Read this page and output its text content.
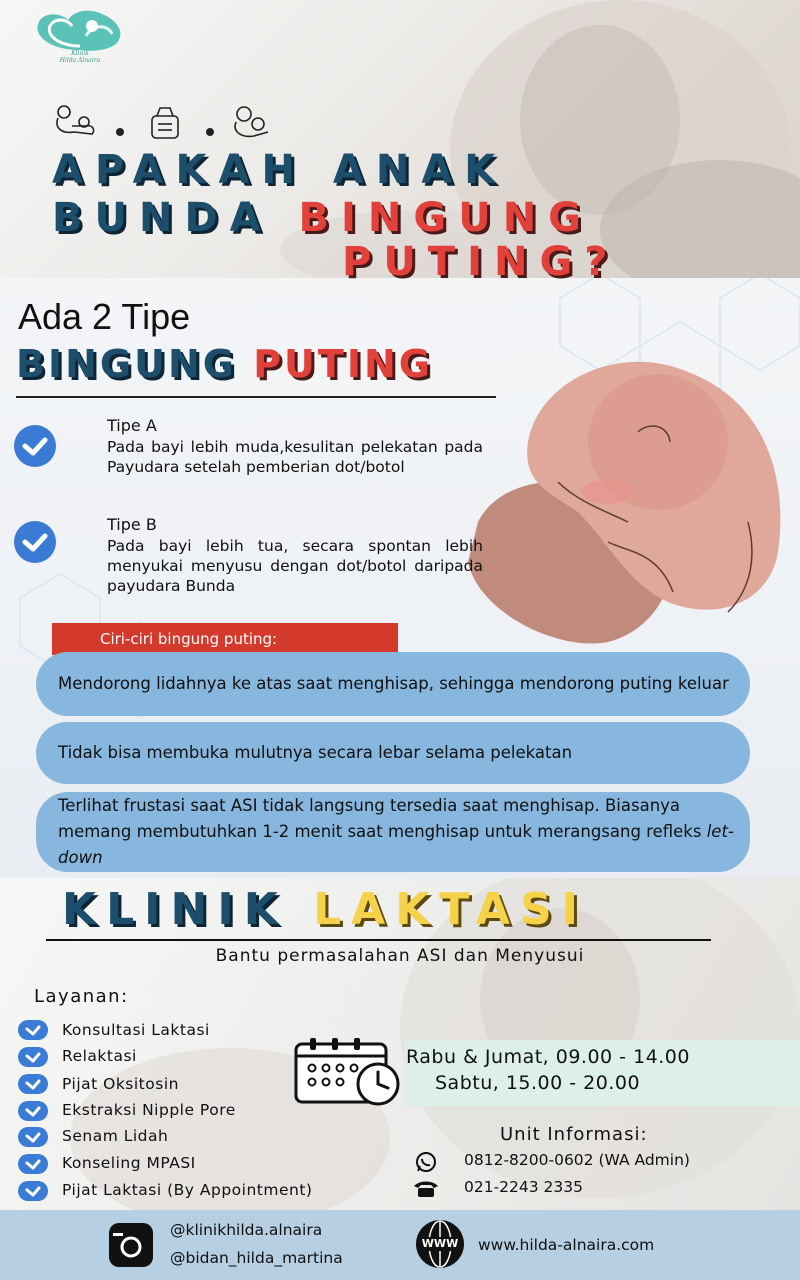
Klinik
Hilda Alnaira
APAKAH ANAK
BUNDA BINGUNG
PUTING?
Ada 2 Tipe
BINGUNG PUTING
Tipe A
Pada bayi lebih muda,kesulitan pelekatan pada Payudara setelah pemberian dot/botol
Tipe B
Pada bayi lebih tua, secara spontan lebih menyukai menyusu dengan dot/botol daripada payudara Bunda
Ciri-ciri bingung puting:
Mendorong lidahnya ke atas saat menghisap, sehingga mendorong puting keluar
Tidak bisa membuka mulutnya secara lebar selama pelekatan
Terlihat frustasi saat ASI tidak langsung tersedia saat menghisap. Biasanya memang membutuhkan 1-2 menit saat menghisap untuk merangsang refleks let-down
KLINIK LAKTASI
Bantu permasalahan ASI dan Menyusui
Layanan:
Konsultasi Laktasi
Relaktasi
Pijat Oksitosin
Ekstraksi Nipple Pore
Senam Lidah
Konseling MPASI
Pijat Laktasi (By Appointment)
Rabu & Jumat, 09.00 - 14.00
Sabtu, 15.00 - 20.00
Unit Informasi:
0812-8200-0602 (WA Admin)
021-2243 2335
@klinikhilda.alnaira
@bidan_hilda_martina
WWW	www.hilda-alnaira.com
